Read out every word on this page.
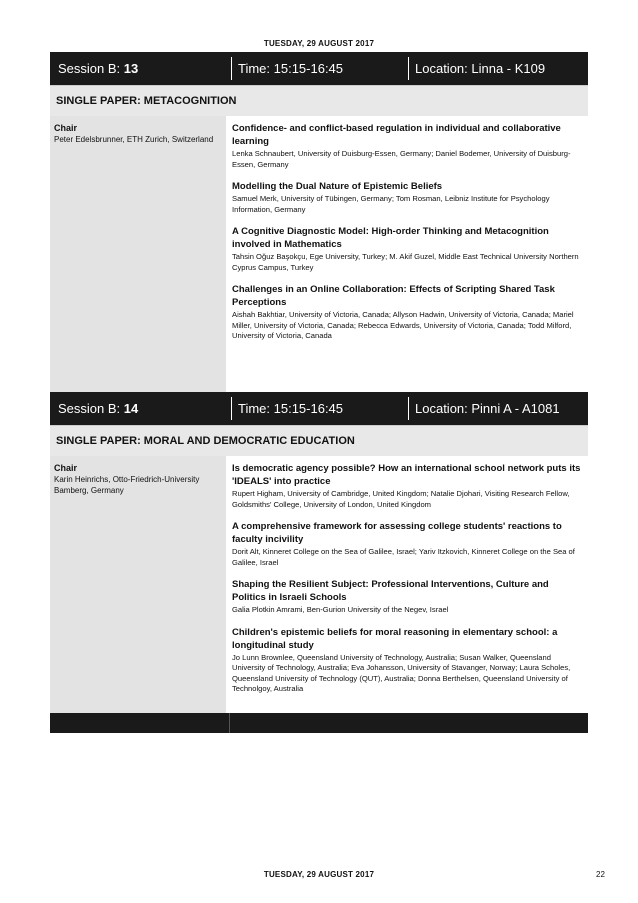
TUESDAY, 29 AUGUST 2017
Session B: 13	Time: 15:15-16:45	Location: Linna - K109
SINGLE PAPER: METACOGNITION
Chair
Peter Edelsbrunner, ETH Zurich, Switzerland
Confidence- and conflict-based regulation in individual and collaborative learning
Lenka Schnaubert, University of Duisburg-Essen, Germany; Daniel Bodemer, University of Duisburg-Essen, Germany
Modelling the Dual Nature of Epistemic Beliefs
Samuel Merk, University of Tübingen, Germany; Tom Rosman, Leibniz Institute for Psychology Information, Germany
A Cognitive Diagnostic Model: High-order Thinking and Metacognition involved in Mathematics
Tahsin Oğuz Başokçu, Ege University, Turkey; M. Akif Guzel, Middle East Technical University Northern Cyprus Campus, Turkey
Challenges in an Online Collaboration: Effects of Scripting Shared Task Perceptions
Aishah Bakhtiar, University of Victoria, Canada; Allyson Hadwin, University of Victoria, Canada; Mariel Miller, University of Victoria, Canada; Rebecca Edwards, University of Victoria, Canada; Todd Milford, University of Victoria, Canada
Session B: 14	Time: 15:15-16:45	Location: Pinni A - A1081
SINGLE PAPER: MORAL AND DEMOCRATIC EDUCATION
Chair
Karin Heinrichs, Otto-Friedrich-University Bamberg, Germany
Is democratic agency possible? How an international school network puts its 'IDEALS' into practice
Rupert Higham, University of Cambridge, United Kingdom; Natalie Djohari, Visiting Research Fellow, Goldsmiths' College, University of London, United Kingdom
A comprehensive framework for assessing college students' reactions to faculty incivility
Dorit Alt, Kinneret College on the Sea of Galilee, Israel; Yariv Itzkovich, Kinneret College on the Sea of Galilee, Israel
Shaping the Resilient Subject: Professional Interventions, Culture and Politics in Israeli Schools
Galia Plotkin Amrami, Ben-Gurion University of the Negev, Israel
Children's epistemic beliefs for moral reasoning in elementary school: a longitudinal study
Jo Lunn Brownlee, Queensland University of Technology, Australia; Susan Walker, Queensland University of Technology, Australia; Eva Johansson, University of Stavanger, Norway; Laura Scholes, Queensland University of Technology (QUT), Australia; Donna Berthelsen, Queensland University of Technolgoy, Australia
TUESDAY, 29 AUGUST 2017	22
